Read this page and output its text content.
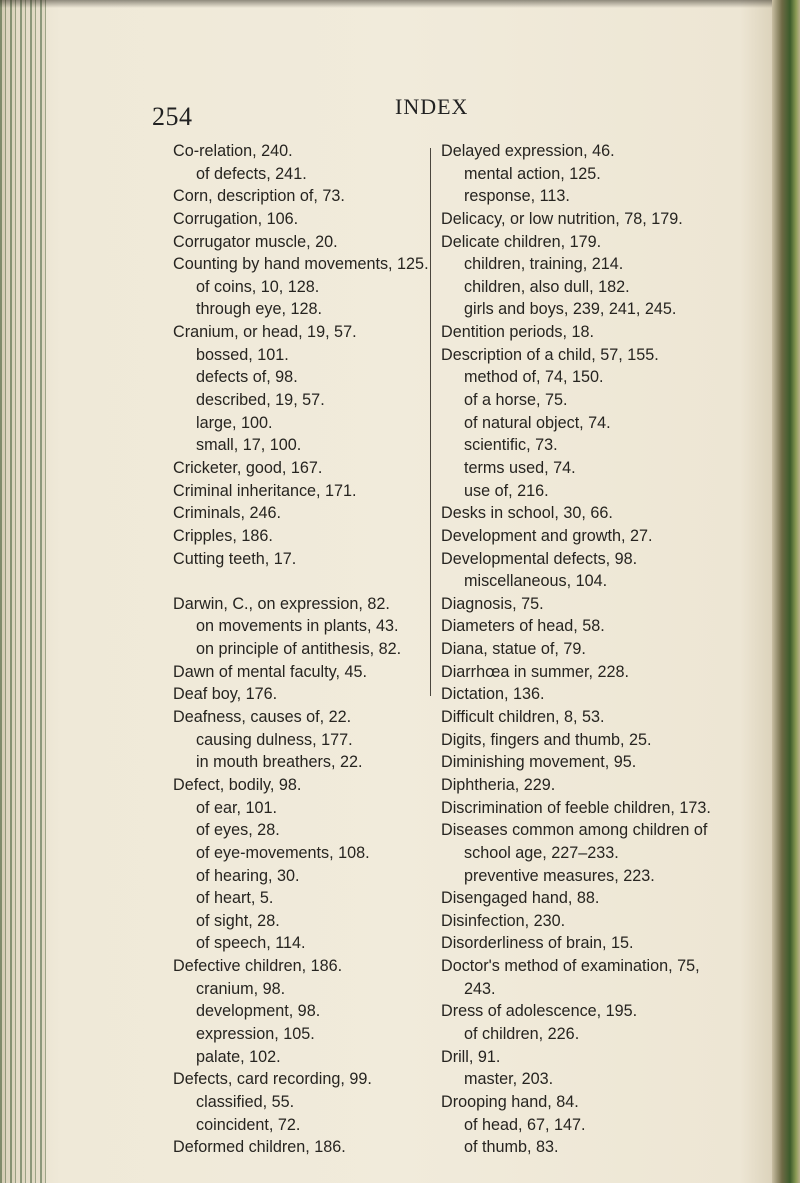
254	INDEX
Co-relation, 240.
of defects, 241.
Corn, description of, 73.
Corrugation, 106.
Corrugator muscle, 20.
Counting by hand movements, 125.
of coins, 10, 128.
through eye, 128.
Cranium, or head, 19, 57.
bossed, 101.
defects of, 98.
described, 19, 57.
large, 100.
small, 17, 100.
Cricketer, good, 167.
Criminal inheritance, 171.
Criminals, 246.
Cripples, 186.
Cutting teeth, 17.
Darwin, C., on expression, 82.
on movements in plants, 43.
on principle of antithesis, 82.
Dawn of mental faculty, 45.
Deaf boy, 176.
Deafness, causes of, 22.
causing dulness, 177.
in mouth breathers, 22.
Defect, bodily, 98.
of ear, 101.
of eyes, 28.
of eye-movements, 108.
of hearing, 30.
of heart, 5.
of sight, 28.
of speech, 114.
Defective children, 186.
cranium, 98.
development, 98.
expression, 105.
palate, 102.
Defects, card recording, 99.
classified, 55.
coincident, 72.
Deformed children, 186.
Delayed expression, 46.
mental action, 125.
response, 113.
Delicacy, or low nutrition, 78, 179.
Delicate children, 179.
children, training, 214.
children, also dull, 182.
girls and boys, 239, 241, 245.
Dentition periods, 18.
Description of a child, 57, 155.
method of, 74, 150.
of a horse, 75.
of natural object, 74.
scientific, 73.
terms used, 74.
use of, 216.
Desks in school, 30, 66.
Development and growth, 27.
Developmental defects, 98.
miscellaneous, 104.
Diagnosis, 75.
Diameters of head, 58.
Diana, statue of, 79.
Diarrhœa in summer, 228.
Dictation, 136.
Difficult children, 8, 53.
Digits, fingers and thumb, 25.
Diminishing movement, 95.
Diphtheria, 229.
Discrimination of feeble children, 173.
Diseases common among children of
school age, 227–233.
preventive measures, 223.
Disengaged hand, 88.
Disinfection, 230.
Disorderliness of brain, 15.
Doctor's method of examination, 75,
243.
Dress of adolescence, 195.
of children, 226.
Drill, 91.
master, 203.
Drooping hand, 84.
of head, 67, 147.
of thumb, 83.
